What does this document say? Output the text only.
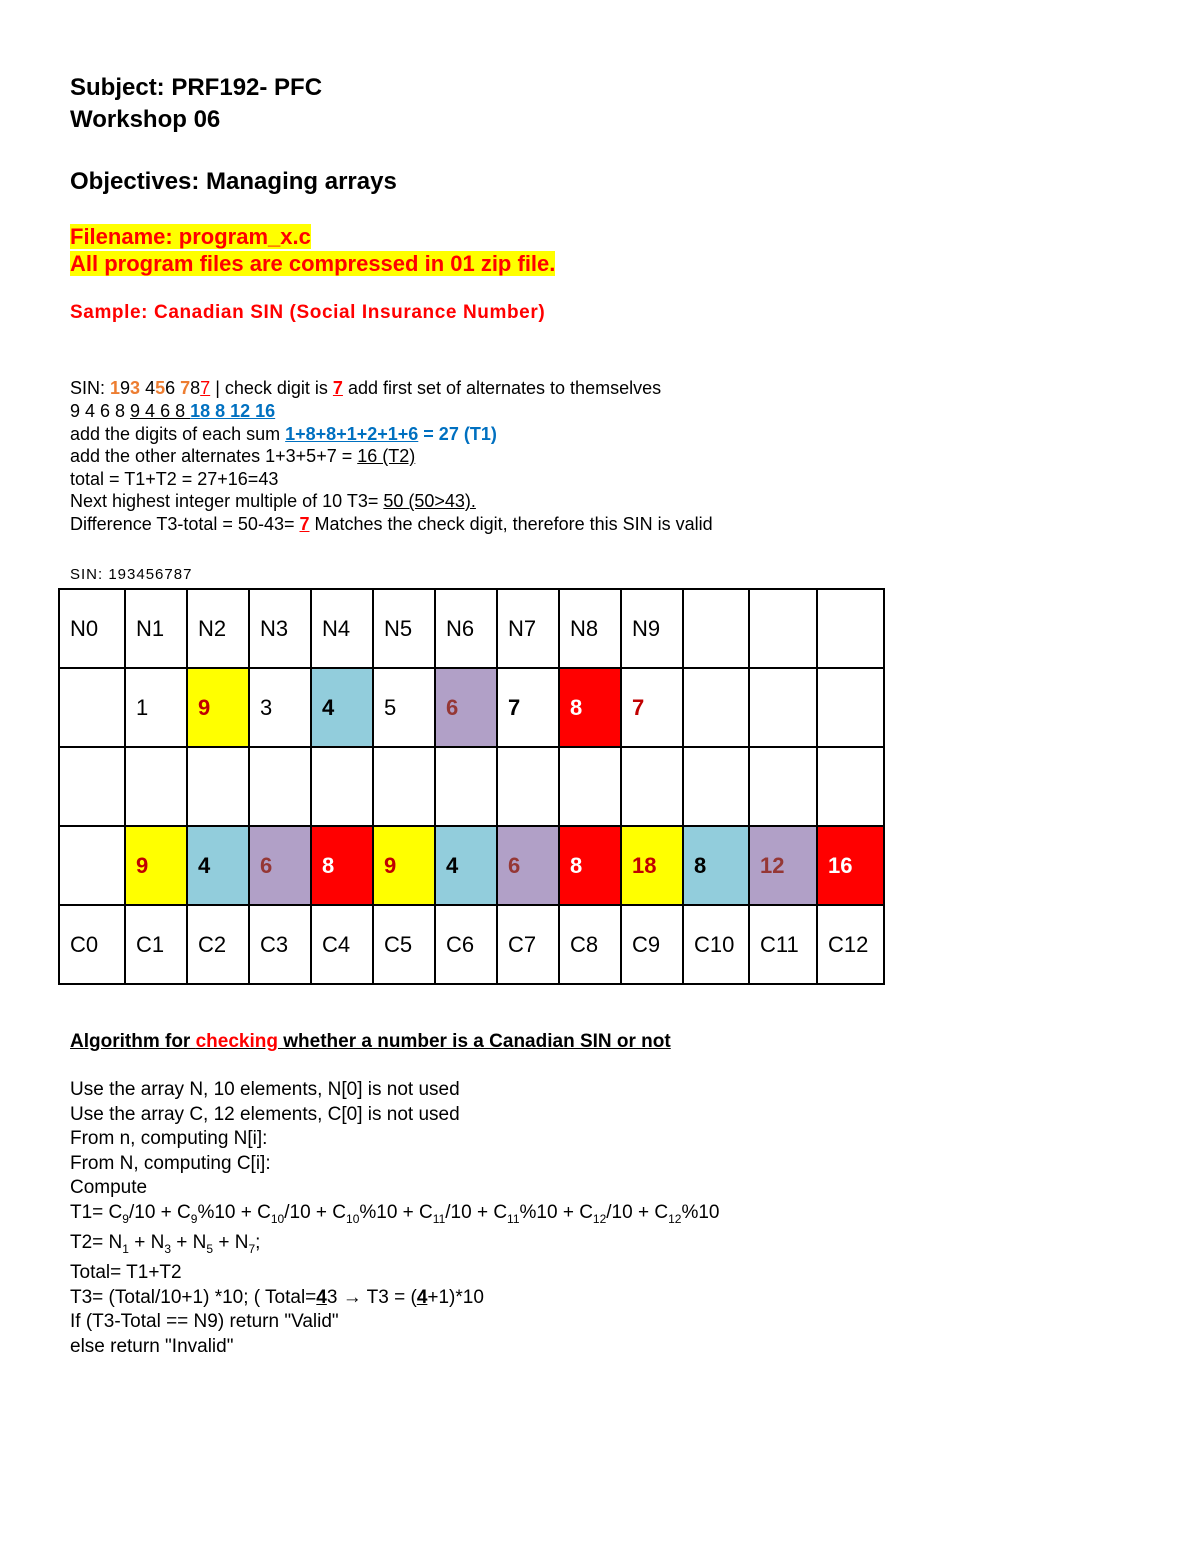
Subject: PRF192- PFC
Workshop 06
Objectives: Managing arrays
Filename: program_x.c
All program files are compressed in 01 zip file.
Sample: Canadian SIN (Social Insurance Number)
SIN: 193 456 787 | check digit is 7 add first set of alternates to themselves
9 4 6 8 9 4 6 8 18 8 12 16
add the digits of each sum 1+8+8+1+2+1+6 = 27 (T1)
add the other alternates 1+3+5+7 = 16 (T2)
total = T1+T2 = 27+16=43
Next highest integer multiple of 10 T3= 50 (50>43).
Difference T3-total = 50-43= 7 Matches the check digit, therefore this SIN is valid
SIN: 193456787
N0	N1	N2	N3	N4	N5	N6	N7	N8	N9			
	1	9	3	4	5	6	7	8	7			

	9	4	6	8	9	4	6	8	18	8	12	16
C0	C1	C2	C3	C4	C5	C6	C7	C8	C9	C10	C11	C12
Algorithm for checking whether a number is a Canadian SIN or not
Use the array N, 10 elements, N[0] is not used
Use the array C, 12 elements, C[0] is not used
From n, computing N[i]:
From N, computing C[i]:
Compute
$T1= C_9/10 + C_9\%10 + C_{10}/10 + C_{10}\%10 + C_{11}/10 + C_{11}\%10 + C_{12}/10 + C_{12}\%10$
$T2= N_1 + N_3 + N_5 + N_7$;
Total= T1+T2
T3= (Total/10+1) *10; ( Total=43 → T3 = (4+1)*10
If (T3-Total == N9) return "Valid"
else return "Invalid"
